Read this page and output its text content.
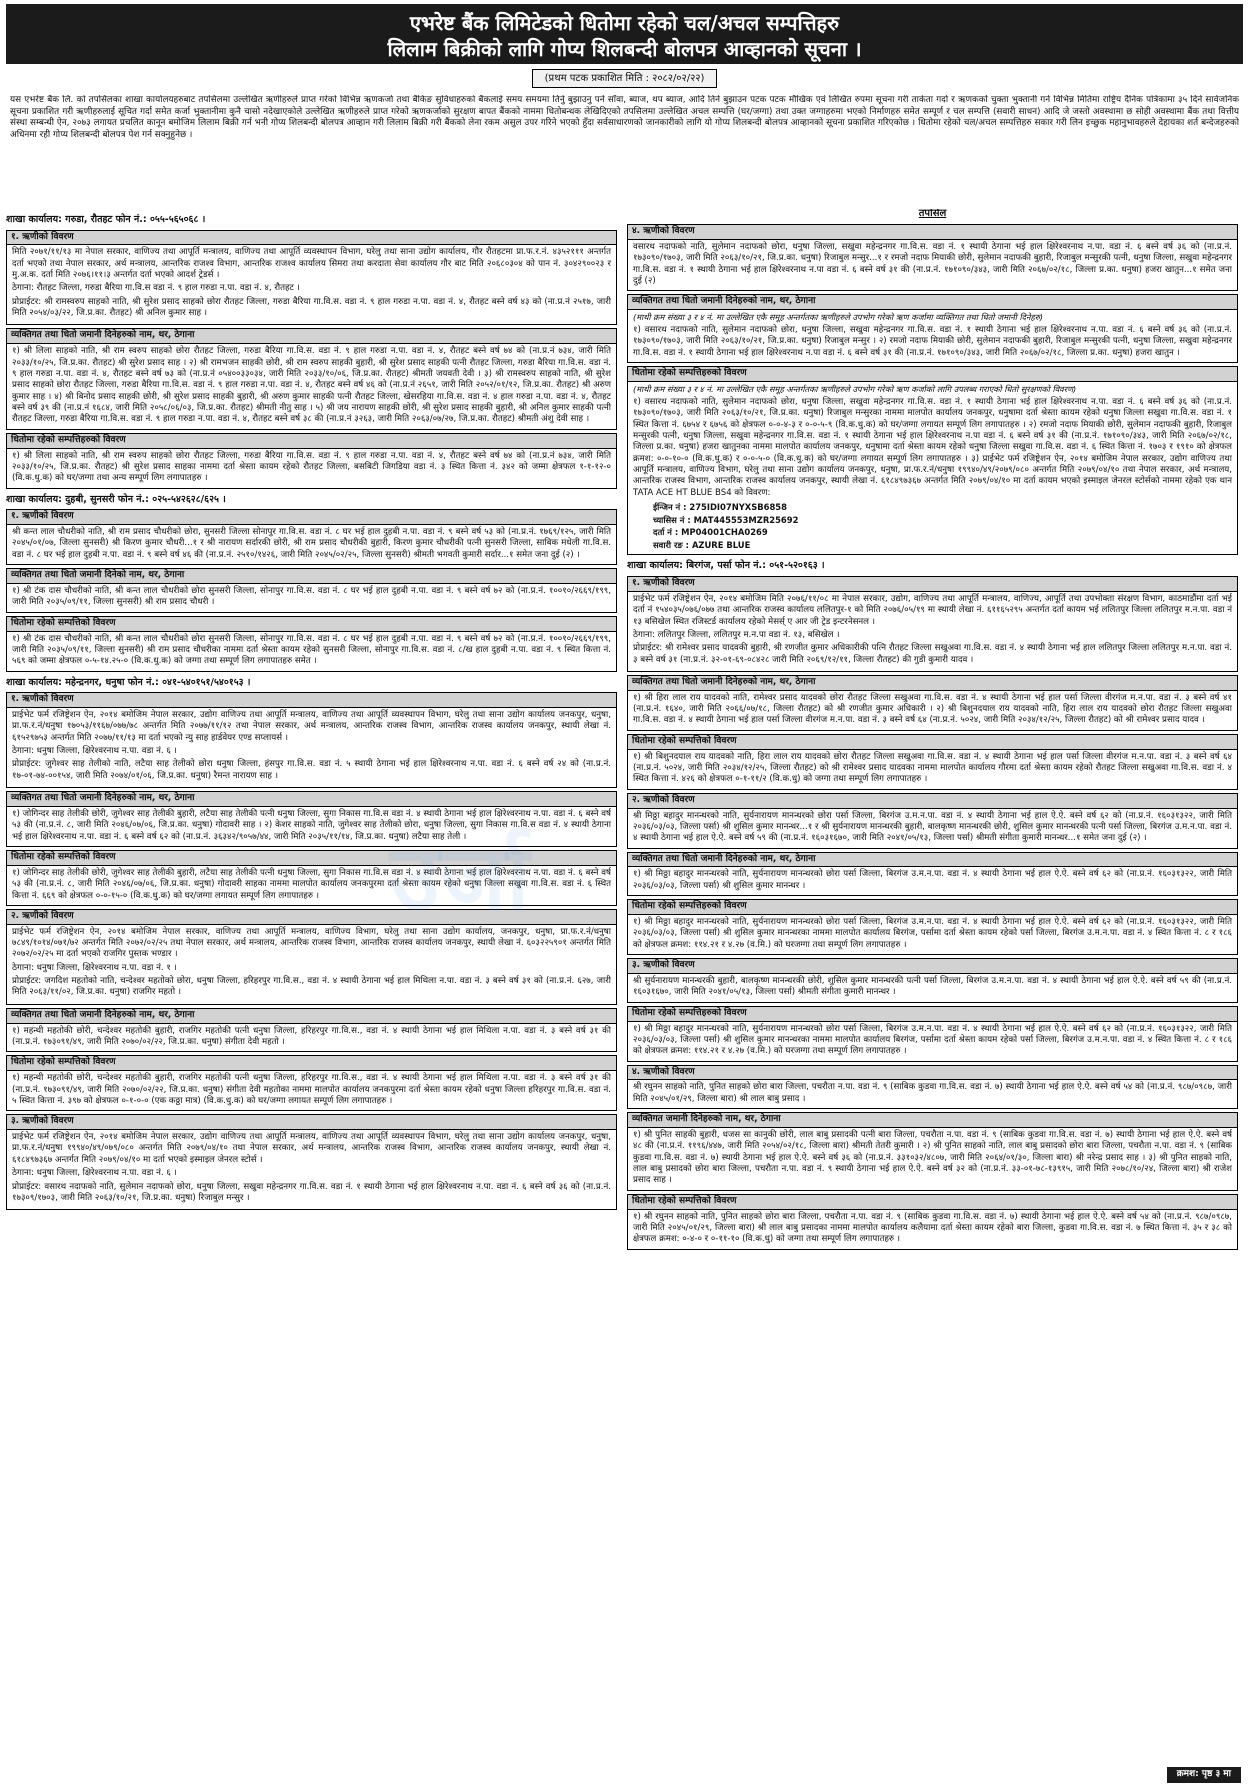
एभरेष्ट बैंक लिमिटेडको धितोमा रहेको चल/अचल सम्पत्तिहरु
लिलाम बिक्रीको लागि गोप्य शिलबन्दी बोलपत्र आव्हानको सूचना ।
(प्रथम पटक प्रकाशित मिति : २०८२/०२/२२)
यस एभरेष्ट बैंक लि. को तपसिलका शाखा कार्यालयहरुबाट तपसिलमा उल्लेखित ऋणीहरुले प्राप्त गरेको विभिन्न ऋणकर्जा तथा बैंकिङ सुविधाहरुको बैंकलाई समय समयमा तिर्नु बुझाउनु पर्ने साँवा, ब्याज, थप ब्याज, आदि तिर्न बुझाउन पटक पटक मौखिक एवं लिखित रुपमा सूचना गरी ताकेता गर्दा र ऋणकर्को चुक्ता भुक्तानी गर्न विभिन्न मितिमा राष्ट्रिय दैनिक पत्रिकामा ३५ दिने सार्वजनिक सूचना प्रकाशित गरी ऋणीहरुलाई सूचित गर्दा समेत कर्जा भुक्तानीमा कुनै चासो नदेखाएकोले उल्लेखित ऋणीहरुले प्राप्त गरेको ऋणकर्जाको सुरक्षण बापत बैंकको नाममा धितोबन्धक लेखिदिएको तपसिलमा उल्लेखित अचल सम्पत्ति (घर/जग्गा) तथा उक्त जग्गाहरुमा भएको निर्माणहरु समेत सम्पूर्ण र चल सम्पत्ति (सवारी साधन) आदि जे जस्तो अवस्थामा छ सोही अवस्थामा बैंक तथा वित्तीय संस्था सम्बन्धी ऐन, २०७३ लगायत प्रचलित कानून बमोजिम लिलाम बिक्री गर्न भनी गोप्य शिलबन्दी बोलपत्र आव्हान गरी लिलाम बिक्री गरी बैंकको लेना रकम असुल उपर गरिने भएको हुँदा सर्वसाधारणको जानकारीको लागि यो गोप्य शिलबन्दी बोलपत्र आव्हानको सूचना प्रकाशित गरिएकोछ । धितोमा रहेको चल/अचल सम्पत्तिहरु सकार गरी लिन इच्छुक महानुभावहरुले देहायका शर्त बन्देजहरुको अधिनमा रही गोप्य शिलबन्दी बोलपत्र पेश गर्न सक्नुहुनेछ ।
उर्जा
शाखा कार्यालय: गरुडा, रौतहट फोन नं.: ०५५-५६५०६८ ।
१. ऋणीको विवरण

मिति २०७१/११/१३ मा नेपाल सरकार, वाणिज्य तथा आपूर्ति मन्त्रालय, वाणिज्य तथा आपूर्ति व्यवस्थापन विभाग, घरेलु तथा साना उद्योग कार्यालय, गौर रौतहटमा प्रा.फ.र.नं. ४३५२१११ अन्तर्गत दर्ता भएको तथा नेपाल सरकार, अर्थ मन्त्रालय, आन्तरिक राजश्व विभाग, आन्तरिक राजश्व कार्यालय सिमरा तथा करदाता सेवा कार्यालय गौर बाट मिति २०६८०३०४ को पान नं. ३०४२९००२३ र मु.अ.क. दर्ता मिति २०७६।११।३ अन्तर्गत दर्ता भएको आदर्श ट्रेडर्स ।

ठेगाना: रौतहट जिल्ला, गरुडा बैरिया गा.वि.स वडा नं. ९ हाल गरुडा न.पा. वडा नं. ४, रौतहट ।

प्रोप्राईटर: श्री रामस्वरुप साहको नाति, श्री सुरेश प्रसाद साहको छोरा रौतहट जिल्ला, गरुडा बैरिया गा.वि.स. वडा नं. ९ हाल गरुडा न.पा. वडा नं. ४, रौतहट बस्ने वर्ष ४३ को (ना.प्र.नं २५१७, जारी मिति २०५४/०३/२२, जि.प्र.का. रौतहट) श्री अनिल कुमार साह ।

व्यक्तिगत तथा धितो जमानी दिनेहरुको नाम, थर, ठेगाना
१) श्री लिला साहको नाति, श्री राम स्वरुप साहको छोरा रौतहट जिल्ला, गरुडा बैरिया गा.वि.स. वडा नं. ९ हाल गरुडा न.पा. वडा नं. ४, रौतहट बस्ने वर्ष ७४ को (ना.प्र.नं ७३४, जारी मिति २०३३/१०/२५, जि.प्र.का. रौतहट) श्री सुरेश प्रसाद साह । २) श्री रामभजन साहकी छोरी, श्री राम स्वरुप साहकी बुहारी, श्री सुरेश प्रसाद साहकी पत्नी रौतहट जिल्ला, गरुडा बैरिया गा.वि.स. वडा नं. ९ हाल गरुडा न.पा. वडा नं. ४, रौतहट बस्ने वर्ष ७३ को (ना.प्र.नं ०५४००३३०३४, जारी मिति २०३३/१०/०६, जि.प्र.का. रौतहट) श्रीमती जयवती देवी । ३) श्री रामस्वरुप साहको नाति, श्री सुरेश प्रसाद साहको छोरा रौतहट जिल्ला, गरुडा बैरिया गा.वि.स. वडा नं. ९ हाल गरुडा न.पा. वडा नं. ४, रौतहट बस्ने वर्ष ४६ को (ना.प्र.नं २६५१, जारी मिति २०५२/०१/१२, जि.प्र.का. रौतहट) श्री अरुण कुमार साह । ४) श्री बिनोद प्रसाद साहकी छोरी, श्री सुरेश प्रसाद साहकी बुहारी, श्री अरुण कुमार साहकी पत्नी रौतहट जिल्ला, खेसरहिया गा.वि.स. वडा नं. ४ हाल गरुडा न.पा. वडा नं. ४, रौतहट बस्ने वर्ष ३९ की (ना.प्र.नं १६८४, जारी मिति २०५८/०६/०३, जि.प्र.का. रौतहट) श्रीमती नीतु साह । ५) श्री जय नारायण साहकी छोरी, श्री सुरेश प्रसाद साहकी बुहारी, श्री अनिल कुमार साहकी पत्नी रौतहट जिल्ला, गरुडा बैरिया गा.वि.स. वडा नं. ९ हाल गरुडा न.पा. वडा नं. ४, रौतहट बस्ने वर्ष ३८ की (ना.प्र.नं ३२६३, जारी मिति २०६३/०७/२७, जि.प्र.का. रौतहट) श्रीमती अंशु देवी साह ।
धितोमा रहेको सम्पत्तिहरुको विवरण
१) श्री लिला साहको नाति, श्री राम स्वरुप साहको छोरा रौतहट जिल्ला, गरुडा बैरिया गा.वि.स. वडा नं. ९ हाल गरुडा न.पा. वडा नं. ४, रौतहट बस्ने वर्ष ७४ को (ना.प्र.नं ७३४, जारी मिति २०३३/१०/२५, जि.प्र.का. रौतहट) श्री सुरेश प्रसाद साहका नाममा दर्ता श्रेस्ता कायम रहेको रौतहट जिल्ला, बसबिटी जिगडिया वडा नं. ३ स्थित कित्ता नं. ३४२ को जम्मा क्षेत्रफल १-१-१२-० (वि.क.धु.क) को घर/जग्गा तथा अन्य सम्पूर्ण लिग लगापातहरु ।
शाखा कार्यालय: दुहबी, सुनसरी फोन नं.: ०२५-५४२६२८/६२५ ।
१. ऋणीको विवरण
श्री कन्त लाल चौधरीको नाति, श्री राम प्रसाद चौधरीको छोरा, सुनसरी जिल्ला सोनापुर गा.वि.स. वडा नं. ८ घर भई हाल दुहबी न.पा. वडा नं. ९ बस्ने वर्ष ५३ को (ना.प्र.नं. १७६९/१२५, जारी मिति २०४५/०१/०७, जिल्ला सुनसरी) श्री किरण कुमार चौधरी...१ र श्री नारायण सर्दारकी छोरी, श्री राम प्रसाद चौधरीकी बुहारी, किरण कुमार चौधरीकी पत्नी सुनसरी जिल्ला, साबिक मधेली गा.वि.स. वडा नं. ८ घर भई हाल दुहबी न.पा. वडा नं. ९ बस्ने वर्ष ४६ की (ना.प्र.नं. २५१०/१४२६, जारी मिति २०४५/०२/२५, जिल्ला सुनसरी) श्रीमती भगवती कुमारी सर्दार...१ समेत जना दुई (२) ।
व्यक्तिगत तथा धितो जमानी दिनेको नाम, थर, ठेगाना
१) श्री टंक दास चौधरीको नाति, श्री कन्त लाल चौधरीको छोरा सुनसरी जिल्ला, सोनापुर गा.वि.स. वडा नं. ८ घर भई हाल दुहबी न.पा. वडा नं. ९ बस्ने वर्ष ७२ को (ना.प्र.नं. १००१०/२६६९/१९९, जारी मिति २०३५/०९/११, जिल्ला सुनसरी) श्री राम प्रसाद चौधरी ।
धितोमा रहेको सम्पत्तिको विवरण
१) श्री टंक दास चौधरीको नाति, श्री कन्त लाल चौधरीको छोरा सुनसरी जिल्ला, सोनापुर गा.वि.स. वडा नं. ८ घर भई हाल दुहबी न.पा. वडा नं. ९ बस्ने वर्ष ७२ को (ना.प्र.नं. १००१०/२६६९/१९९, जारी मिति २०३५/०९/११, जिल्ला सुनसरी) श्री राम प्रसाद चौधरीका नाममा दर्ता श्रेस्ता कायम रहेको सुनसरी जिल्ला, सोनापुर गा.वि.स. वडा नं. ८/ख हाल दुहबी न.पा. वडा नं. ९ स्थित कित्ता नं. ५६९ को जम्मा क्षेत्रफल ०-५-१४.२५-० (वि.क.धु.क) को जग्गा तथा सम्पूर्ण लिग लगापातहरु समेत ।
शाखा कार्यालय: महेन्द्रनगर, धनुषा फोन नं.: ०४१-५४०१५१/५४०१५३ ।
१. ऋणीको विवरण

प्राईभेट फर्म रजिष्ट्रेशन ऐन, २०१४ बमोजिम नेपाल सरकार, उद्योग वाणिज्य तथा आपूर्ति मन्त्रालय, वाणिज्य तथा आपूर्ति व्यवस्थापन विभाग, घरेलु तथा साना उद्योग कार्यालय जनकपुर, धनुषा, प्रा.फ.र.नं/धनुषा १७०५३/११६७/०७७/७८ अन्तर्गत मिति २०७७/११/१२ तथा नेपाल सरकार, अर्थ मन्त्रालय, आन्तरिक राजस्व विभाग, आन्तरिक राजस्व कार्यालय जनकपुर, स्थायी लेखा नं. ६१५२९७५३ अन्तर्गत मिति २०७७/११/१३ मा दर्ता भएको न्यु साह हार्डवेयर एण्ड सप्लायर्स ।

ठेगाना: धनुषा जिल्ला, क्षिरेश्वरनाथ न.पा. वडा नं. ६ ।

प्रोप्राईटर: जुगेश्वर साह तेलीको नाति, लटैया साह तेलीको छोरा धनुषा जिल्ला, हंसपुर गा.वि.स. वडा नं. ५ स्थायी ठेगाना भई हाल क्षिरेश्वरनाथ न.पा. वडा नं. ६ बस्ने वर्ष २४ को (ना.प्र.नं. १७-०१-७४-००१५४, जारी मिति २०७४/०१/०६, जि.प्र.का. धनुषा) रैमन्त नारायण साह ।

व्यक्तिगत तथा धितो जमानी दिनेहरुको नाम, थर, ठेगाना
१) जोगिन्दर साह तेलीकी छोरी, जुगेश्वर साह तेलीकी बुहारी, लटैया साह तेलीकी पत्नी धनुषा जिल्ला, सुगा निकास गा.वि.स वडा नं. ४ स्थायी ठेगाना भई हाल क्षिरेश्वरनाथ न.पा. वडा नं. ६ बस्ने वर्ष ५३ की (ना.प्र.नं. ८, जारी मिति २०४६/०७/०६, जि.प्र.का. धनुषा) गोदावरी साह । २) केशर साहको नाति, जुगेश्वर साह तेलीको छोरा, धनुषा जिल्ला, सुगा निकास गा.वि.स वडा नं. ४ स्थायी ठेगाना भई हाल क्षिरेश्वरनाथ न.पा. वडा नं. ६ बस्ने वर्ष ६२ को (ना.प्र.नं. ३६३४२/९०५७/४४, जारी मिति २०३५/११/१४, जि.प्र.का. धनुषा) लटैया साह तेली ।
धितोमा रहेको सम्पत्तिको विवरण
१) जोगिन्दर साह तेलीकी छोरी, जुगेश्वर साह तेलीकी बुहारी, लटैया साह तेलीकी पत्नी धनुषा जिल्ला, सुगा निकास गा.वि.स वडा नं. ४ स्थायी ठेगाना भई हाल क्षिरेश्वरनाथ न.पा. वडा नं. ६ बस्ने वर्ष ५३ की (ना.प्र.नं. ८, जारी मिति २०४६/०७/०६, जि.प्र.का. धनुषा) गोदावरी साहका नाममा मालपोत कार्यालय जनकपुरमा दर्ता श्रेस्ता कायम रहेको धनुषा जिल्ला सखुवा गा.वि.स. वडा नं. ६ स्थित कित्ता नं. ६६९ को क्षेत्रफल ०-०-१५-० (वि.क.धु.क) को घर/जग्गा लगायत सम्पूर्ण लिग लगापातहरु ।
२. ऋणीको विवरण

प्राईभेट फर्म रजिष्ट्रेशन ऐन, २०१४ बमोजिम नेपाल सरकार, वाणिज्य तथा आपूर्ति मन्त्रालय, वाणिज्य विभाग, घरेलु तथा साना उद्योग कार्यालय, जनकपुर, धनुषा, प्रा.फ.र.नं/धनुषा ७८४९/१०१४/०७१/७२ अन्तर्गत मिति २०७२/०२/२५ तथा नेपाल सरकार, अर्थ मन्त्रालय, आन्तरिक राजस्व विभाग, आन्तरिक राजस्व कार्यालय जनकपुर, स्थायी लेखा नं. ६०३२२५९०१ अन्तर्गत मिति २०७२/०२/२५ मा दर्ता भएको राजगिर पुस्तक भण्डार ।

ठेगाना: धनुषा जिल्ला, क्षिरेश्वरनाथ न.पा. वडा नं. १ ।

प्रोप्राईटर: जगदिश महतोको नाति, चन्देश्वर महतोको छोरा, धनुषा जिल्ला, हरिहरपुर गा.वि.स., वडा नं. ४ स्थायी ठेगाना भई हाल मिथिला न.पा. वडा नं. ३ बस्ने वर्ष ३१ को (ना.प्र.नं. ६२७, जारी मिति २०६३/११/०२, जि.प्र.का. धनुषा) राजगिर महतो ।

व्यक्तिगत तथा धितो जमानी दिनेहरुको नाम, थर, ठेगाना
१) महन्थी महतोकी छोरी, चन्देश्वर महतोकी बुहारी, राजगिर महतोकी पत्नी धनुषा जिल्ला, हरिहरपुर गा.वि.स., वडा नं. ४ स्थायी ठेगाना भई हाल मिथिला न.पा. वडा नं. ३ बस्ने वर्ष ३१ की (ना.प्र.नं. १७३०९१/४९, जारी मिति २०७०/०२/२२, जि.प्र.का. धनुषा) संगीता देवी महतो ।
धितोमा रहेको सम्पत्तिको विवरण
१) महन्थी महतोकी छोरी, चन्देश्वर महतोकी बुहारी, राजगिर महतोकी पत्नी धनुषा जिल्ला, हरिहरपुर गा.वि.स., वडा नं. ४ स्थायी ठेगाना भई हाल मिथिला न.पा. वडा नं. ३ बस्ने वर्ष ३१ की (ना.प्र.नं. १७३०९१/४९, जारी मिति २०७०/०२/२२, जि.प्र.का. धनुषा) संगीता देवी महतोका नाममा मालपोत कार्यालय जनकपुरमा दर्ता श्रेस्ता कायम रहेको धनुषा जिल्ला हरिहरपुर गा.वि.स. वडा नं. ५ स्थित कित्ता नं. ३९७ को क्षेत्रफल ०-१-०-० (एक कठ्ठा मात्र) (वि.क.धु.क) को घर/जग्गा लगायत सम्पूर्ण लिग लगापातहरु ।
३. ऋणीको विवरण

प्राईभेट फर्म रजिष्ट्रेशन ऐन, २०१४ बमोजिम नेपाल सरकार, उद्योग वाणिज्य तथा आपूर्ति मन्त्रालय, वाणिज्य तथा आपूर्ति व्यवस्थापन विभाग, घरेलु तथा साना उद्योग कार्यालय जनकपुर, धनुषा, प्रा.फ.र.नं/धनुषा १९९४०/४९/०७९/०८० अन्तर्गत मिति २०७९/०४/१० तथा नेपाल सरकार, अर्थ मन्त्रालय, आन्तरिक राजस्व विभाग, आन्तरिक राजस्व कार्यालय जनकपुर, स्थायी लेखा नं. ६१८४९७३६७ अन्तर्गत मिति २०७९/०४/१० मा दर्ता भएको इस्माइल जेनरल स्टोर्स ।

ठेगाना: धनुषा जिल्ला, क्षिरेश्वरनाथ न.पा. वडा नं. ६ ।

प्रोप्राईटर: वसारथ नदाफको नाति, सुलेमान नदाफको छोरा, धनुषा जिल्ला, सखुवा महेन्द्रनगर गा.वि.स. वडा नं. १ स्थायी ठेगाना भई हाल क्षिरेश्वरनाथ न.पा. वडा नं. ६ बस्ने वर्ष ३६ को (ना.प्र.नं. १७३०९/१७०३, जारी मिति २०६३/१०/२१, जि.प्र.का. धनुषा) रिजाबुल मन्सुर ।

तपसिल
४. ऋणीको विवरण
वसारथ नदाफको नाति, सुलेमान नदाफको छोरा, धनुषा जिल्ला, सखुवा महेन्द्रनगर गा.वि.स. वडा नं. १ स्थायी ठेगाना भई हाल क्षिरेश्वरनाथ न.पा. वडा नं. ६ बस्ने वर्ष ३६ को (ना.प्र.नं. १७३०९०/१७०३, जारी मिति २०६३/१०/२१, जि.प्र.का. धनुषा) रिजाबुल मन्सुर...१ र रमजो नदाफ मियाकी छोरी, सुलेमान नदाफकी बुहारी, रिजाबुल मन्सुरकी पत्नी, धनुषा जिल्ला, सखुवा महेन्द्रनगर गा.वि.स. वडा नं. १ स्थायी ठेगाना भई हाल क्षिरेश्वरनाथ न.पा वडा नं. ६ बस्ने वर्ष ३१ की (ना.प्र.नं. १७१०९०/३४३, जारी मिति २०६७/०२/१८, जिल्ला प्र.का. धनुषा) हजरा खातुन...१ समेत जना दुई (२)
व्यक्तिगत तथा धितो जमानी दिनेहरुको नाम, थर, ठेगाना
(माथी क्रम संख्या ३ र ४ नं. मा उल्लेखित एकै समूह अन्तर्गतका ऋणीहरुले उपभोग गरेको ऋण कर्जामा व्यक्तिगत तथा धितो जमानी दिनेहरु)
१) वसारथ नदाफको नाति, सुलेमान नदाफको छोरा, धनुषा जिल्ला, सखुवा महेन्द्रनगर गा.वि.स. वडा नं. १ स्थायी ठेगाना भई हाल क्षिरेश्वरनाथ न.पा. वडा नं. ६ बस्ने वर्ष ३६ को (ना.प्र.नं. १७३०९०/१७०३, जारी मिति २०६३/१०/२१, जि.प्र.का. धनुषा) रिजाबुल मन्सुर । २) रमजो नदाफ मियाकी छोरी, सुलेमान नदाफकी बुहारी, रिजाबुल मन्सुरकी पत्नी, धनुषा जिल्ला, सखुवा महेन्द्रनगर गा.वि.स. वडा नं. १ स्थायी ठेगाना भई हाल क्षिरेश्वरनाथ न.पा वडा नं. ६ बस्ने वर्ष ३१ की (ना.प्र.नं. १७१०९०/३४३, जारी मिति २०६७/०२/१८, जिल्ला प्र.का. धनुषा) हजरा खातुन ।
धितोमा रहेको सम्पत्तिहरुको विवरण
(माथी क्रम संख्या ३ र ४ नं. मा उल्लेखित एकै समूह अन्तर्गतका ऋणीहरुले उपभोग गरेको ऋण कर्जाको लागि उपलब्ध गराएको धितो सुरक्षणको विवरण)
१) वसारथ नदाफको नाति, सुलेमान नदाफको छोरा, धनुषा जिल्ला, सखुवा महेन्द्रनगर गा.वि.स. वडा नं. १ स्थायी ठेगाना भई हाल क्षिरेश्वरनाथ न.पा. वडा नं. ६ बस्ने वर्ष ३६ को (ना.प्र.नं. १७३०९०/१७०३, जारी मिति २०६३/१०/२१, जि.प्र.का. धनुषा) रिजाबुल मन्सुरका नाममा मालपोत कार्यालय जनकपुर, धनुषामा दर्ता श्रेस्ता कायम रहेको धनुषा जिल्ला सखुवा गा.वि.स. वडा नं. १ स्थित कित्ता नं. ६७५४ र ६७५६ को क्षेत्रफल ०-०-४-३ र ०-०-५-९ (वि.क.धु.क) को घर/जग्गा लगायत सम्पूर्ण लिग लगापातहरु । २) रमजो नदाफ मियाकी छोरी, सुलेमान नदाफकी बुहारी, रिजाबुल मन्सुरकी पत्नी, धनुषा जिल्ला, सखुवा महेन्द्रनगर गा.वि.स. वडा नं. १ स्थायी ठेगाना भई हाल क्षिरेश्वरनाथ न.पा वडा नं. ६ बस्ने वर्ष ३१ की (ना.प्र.नं. १७१०९०/३४३, जारी मिति २०६७/०२/१८, जिल्ला प्र.का. धनुषा) हजरा खातुनका नाममा मालपोत कार्यालय जनकपुर, धनुषामा दर्ता श्रेस्ता कायम रहेको धनुषा जिल्ला सखुवा गा.वि.स. वडा नं. ६ स्थित कित्ता नं. १७०३ र १९१० को क्षेत्रफल क्रमश: ०-०-१०-० (वि.क.धु.क) र ०-०-५-० (वि.क.धु.क) को घर/जग्गा लगायत सम्पूर्ण लिग लगापातहरु । ३) प्राईभेट फर्म रजिष्ट्रेशन ऐन, २०१४ बमोजिम नेपाल सरकार, उद्योग वाणिज्य तथा आपूर्ति मन्त्रालय, वाणिज्य विभाग, घरेलु तथा साना उद्योग कार्यालय जनकपुर, धनुषा, प्रा.फ.र.नं/धनुषा १९९४०/४९/२०७९/०८० अन्तर्गत मिति २०७९/०४/१० तथा नेपाल सरकार, अर्थ मन्त्रालय, आन्तरिक राजस्व विभाग, आन्तरिक राजस्व कार्यालय जनकपुर, स्थायी लेखा नं. ६१८४९७३६७ अन्तर्गत मिति २०७९/०४/१० मा दर्ता कायम भएको इस्माइल जेनरल स्टोर्सको नाममा रहेको एक थान TATA ACE HT BLUE BS4 को विवरण:
ईन्जिन नं : 275IDI07NYXSB6858
च्यासिस नं : MAT445553MZR25692
दर्ता नं : MP04001CHA0269
सवारी रङ : AZURE BLUE
शाखा कार्यालय: बिरगंज, पर्सा फोन नं.: ०५१-५२०१६३ ।
१. ऋणीको विवरण

प्राईभेट फर्म रजिष्ट्रेशन ऐन, २०१४ बमोजिम मिति २०७६/११/०८ मा नेपाल सरकार, उद्योग, वाणिज्य तथा आपूर्ति मन्त्रालय, वाणिज्य, आपूर्ति तथा उपभोक्ता संरक्षण विभाग, काठमाडौंमा दर्ता भई दर्ता नं १५४०३५/०७६/०७७ तथा आन्तरिक राजस्व कार्यालय ललितपुर-१ को मिति २०७६/०५/१९ मा स्थायी लेखा नं. ६११६५२९५ अन्तर्गत दर्ता कायम भई ललितपुर जिल्ला ललितपुर म.न.पा. वडा नं १३ बसिखेल स्थित रजिस्टर्ड कार्यालय रहेको मेसर्स् ए आर जी ट्रेड इन्टरनेसनल ।

ठेगाना: ललितपुर जिल्ला, ललितपुर म.न.पा वडा नं. १३, बसिखेल ।

प्रोप्राईटर: श्री रामेश्वर प्रसाद यादवकी बुहारी, श्री रणजीत कुमार अधिकारीकी पत्नि रौतहट जिल्ला सखुअवा गा.वि.स. वडा नं. ४ स्थायी ठेगाना भई हाल ललितपुर जिल्ला ललितपुर म.न.पा. वडा नं. ३ बस्ने वर्ष ३१ (ना.प्र.नं. ३२-०१-६९-०८४२८ जारी मिति २०६९/१२/११, जिल्ला रौतहट) की गुडी कुमारी यादव ।

व्यक्तिगत तथा धितो जमानी दिनेहरुको नाम, थर, ठेगाना
१) श्री हिरा लाल राय यादवको नाति, रामेश्वर प्रसाद यादवको छोरा रौतहट जिल्ला सखुअवा गा.वि.स. वडा नं. ४ स्थायी ठेगाना भई हाल पर्सा जिल्ला वीरगंज म.न.पा. वडा नं. ३ बस्ने वर्ष ४१ (ना.प्र.नं. १६४०, जारी मिति २०६६/०७/१८, जिल्ला रौतहट) को श्री रणजीत कुमार अधिकारी । २) श्री बिशुनदयाल राय यादवको नाति, हिरा लाल राय यादवको छोरा रौतहट जिल्ला सखुअवा गा.वि.स. वडा नं. ४ स्थायी ठेगाना भई हाल पर्सा जिल्ला वीरगंज म.न.पा. वडा नं. ३ बस्ने वर्ष ६४ (ना.प्र.नं. ५०२४, जारी मिति २०३४/१२/२५, जिल्ला रौतहट) को श्री रामेश्वर प्रसाद यादव ।
धितोमा रहेको सम्पत्तिको विवरण
१) श्री बिशुनदयाल राय यादवको नाति, हिरा लाल राय यादवको छोरा रौतहट जिल्ला सखुअवा गा.वि.स. वडा नं. ४ स्थायी ठेगाना भई हाल पर्सा जिल्ला वीरगंज म.न.पा. वडा नं. ३ बस्ने वर्ष ६४ (ना.प्र.नं. ५०२४, जारी मिति २०३४/१२/२५, जिल्ला रौतहट) को श्री रामेश्वर प्रसाद यादवका नाममा मालपोत कार्यालय गौरमा दर्ता श्रेस्ता कायम रहेको रौतहट जिल्ला सखुअवा गा.वि.स. वडा नं. ४ स्थित कित्ता नं. ४२६ को क्षेत्रफल ०-१-११/२ (वि.क.धु) को जग्गा तथा सम्पूर्ण लिग लगापातहरु ।
२. ऋणीको विवरण
श्री मिठ्ठा बहादुर मानन्धरको नाति, सुर्यनारायण मानन्धरको छोरा पर्सा जिल्ला, बिरगंज उ.म.न.पा. वडा नं. ४ स्थायी ठेगाना भई हाल ऐ.ऐ. बस्ने वर्ष ६२ को (ना.प्र.नं. १६०३१३२२, जारी मिति २०३६/०३/०३, जिल्ला पर्सा) श्री शुसिल कुमार मानन्धर...१ र श्री सुर्यनारायण मानन्धरकी बुहारी, बालकृष्ण मानन्धरकी छोरी, शुसिल कुमार मानन्धरकी पत्नी पर्सा जिल्ला, बिरगंज उ.म.न.पा. वडा नं. ४ स्थायी ठेगाना भई हाल ऐ.ऐ. बस्ने वर्ष ५९ की (ना.प्र.नं. १६०३१६७०, जारी मिति २०४१/०५/१३, जिल्ला पर्सा) श्रीमती संगीता कुमारी मानन्धर...१ समेत जना दुई (२) ।
व्यक्तिगत तथा धितो जमानी दिनेहरुको नाम, थर, ठेगाना
१) श्री मिठ्ठा बहादुर मानन्धरको नाति, सुर्यनारायण मानन्धरको छोरा पर्सा जिल्ला, बिरगंज उ.म.न.पा. वडा नं. ४ स्थायी ठेगाना भई हाल ऐ.ऐ. बस्ने वर्ष ६२ को (ना.प्र.नं. १६०३१३२२, जारी मिति २०३६/०३/०३, जिल्ला पर्सा) श्री शुसिल कुमार मानन्धर ।
धितोमा रहेको सम्पत्तिहरुको विवरण
१) श्री मिठ्ठा बहादुर मानन्धरको नाति, सुर्यनारायण मानन्धरको छोरा पर्सा जिल्ला, बिरगंज उ.म.न.पा. वडा नं. ४ स्थायी ठेगाना भई हाल ऐ.ऐ. बस्ने वर्ष ६२ को (ना.प्र.नं. १६०३१३२२, जारी मिति २०३६/०३/०३, जिल्ला पर्सा) श्री शुसिल कुमार मानन्धरका नाममा मालपोत कार्यालय बिरगंज, पर्सामा दर्ता श्रेस्ता कायम रहेको पर्सा जिल्ला, बिरगंज उ.म.न.पा. वडा नं. ४ स्थित कित्ता नं. ८ र १८६ को क्षेत्रफल क्रमश: ११४.२१ र ४.२७ (व.मि.) को घरजग्गा तथा सम्पूर्ण लिग लगापातहरु ।
३. ऋणीको विवरण
श्री सुर्यनारायण मानन्धरकी बुहारी, बालकृष्ण मानन्धरकी छोरी, शुसिल कुमार मानन्धरकी पत्नी पर्सा जिल्ला, बिरगंज उ.म.न.पा. वडा नं. ४ स्थायी ठेगाना भई हाल ऐ.ऐ. बस्ने वर्ष ५९ की (ना.प्र.नं. १६०३१६७०, जारी मिति २०४१/०५/१३, जिल्ला पर्सा) श्रीमती संगीता कुमारी मानन्धर ।
धितोमा रहेको सम्पत्तिहरुको विवरण
१) श्री मिठ्ठा बहादुर मानन्धरको नाति, सुर्यनारायण मानन्धरको छोरा पर्सा जिल्ला, बिरगंज उ.म.न.पा. वडा नं. ४ स्थायी ठेगाना भई हाल ऐ.ऐ. बस्ने वर्ष ६२ को (ना.प्र.नं. १६०३१३२२, जारी मिति २०३६/०३/०३, जिल्ला पर्सा) श्री शुसिल कुमार मानन्धरका नाममा मालपोत कार्यालय बिरगंज, पर्सामा दर्ता श्रेस्ता कायम रहेको पर्सा जिल्ला, बिरगंज उ.म.न.पा. वडा नं. ४ स्थित कित्ता नं. ८ र १८६ को क्षेत्रफल क्रमश: ११४.२१ र ४.२७ (व.मि.) को घरजग्गा तथा सम्पूर्ण लिग लगापातहरु ।
४. ऋणीको विवरण
श्री रघुनन साहको नाति, पुनित साहको छोरा बारा जिल्ला, पचरौता न.पा. वडा नं. ९ (साबिक कुडवा गा.वि.स. वडा नं. ७) स्थायी ठेगाना भई हाल ऐ.ऐ. बस्ने वर्ष ५४ को (ना.प्र.नं. ९८७/०९८७, जारी मिति २०४५/०१/२९, जिल्ला बारा) श्री लाल बाबु प्रसाद ।
व्यक्तिगत जमानी दिनेहरुको नाम, थर, ठेगाना
१) श्री पुनित साहकी बुहारी, धजस सा कानुकी छोरी, लाल बाबु प्रसादकी पत्नी बारा जिल्ला, पचरौता न.पा. वडा नं. ९ (साबिक कुडवा गा.वि.स. वडा नं. ७) स्थायी ठेगाना भई हाल ऐ.ऐ. बस्ने वर्ष ४८ की (ना.प्र.नं. ११९६/४४७, जारी मिति २०५४/०२/१८, जिल्ला बारा) श्रीमती तेतरी कुमारी । २) श्री पुनित साहको नाति, लाल बाबु प्रसादको छोरा बारा जिल्ला, पचरौता न.पा. वडा नं. ९ (साबिक कुडवा गा.वि.स. वडा नं. ७) स्थायी ठेगाना भई हाल ऐ.ऐ. बस्ने वर्ष ३६ को (ना.प्र.नं. ३३१०३२/४८०७, जारी मिति २०६४/०१/३०, जिल्ला बारा) श्री नरेन्द्र प्रसाद साह । ३) श्री पुनित साहको नाति, लाल बाबु प्रसादको छोरा बारा जिल्ला, पचरौता न.पा. वडा नं. ९ स्थायी ठेगाना भई हाल ऐ.ऐ. बस्ने वर्ष ३२ को (ना.प्र.नं. ३३-०१-७८-१३९१५, जारी मिति २०७८/१०/२४, जिल्ला बारा) श्री राजेश प्रसाद साह ।
धितोमा रहेको सम्पत्तिको विवरण
१) श्री रघुनन साहको नाति, पुनित साहको छोरा बारा जिल्ला, पचरौता न.पा. वडा नं. ९ (साबिक कुडवा गा.वि.स. वडा नं. ७) स्थायी ठेगाना भई हाल ऐ.ऐ. बस्ने वर्ष ५४ को (ना.प्र.नं. ९८७/०९८७, जारी मिति २०४५/०१/२९, जिल्ला बारा) श्री लाल बाबु प्रसादका नाममा मालपोत कार्यालय कलैयामा दर्ता श्रेस्ता कायम रहेको बारा जिल्ला, कुडवा गा.वि.स. वडा नं. ७ स्थित कित्ता नं. ३५ र ३८ को क्षेत्रफल क्रमश: ०-४-० र ०-११-१० (वि.क.धु) को जग्गा तथा सम्पूर्ण लिग लगापातहरु ।
क्रमश: पृष्ठ ३ मा
